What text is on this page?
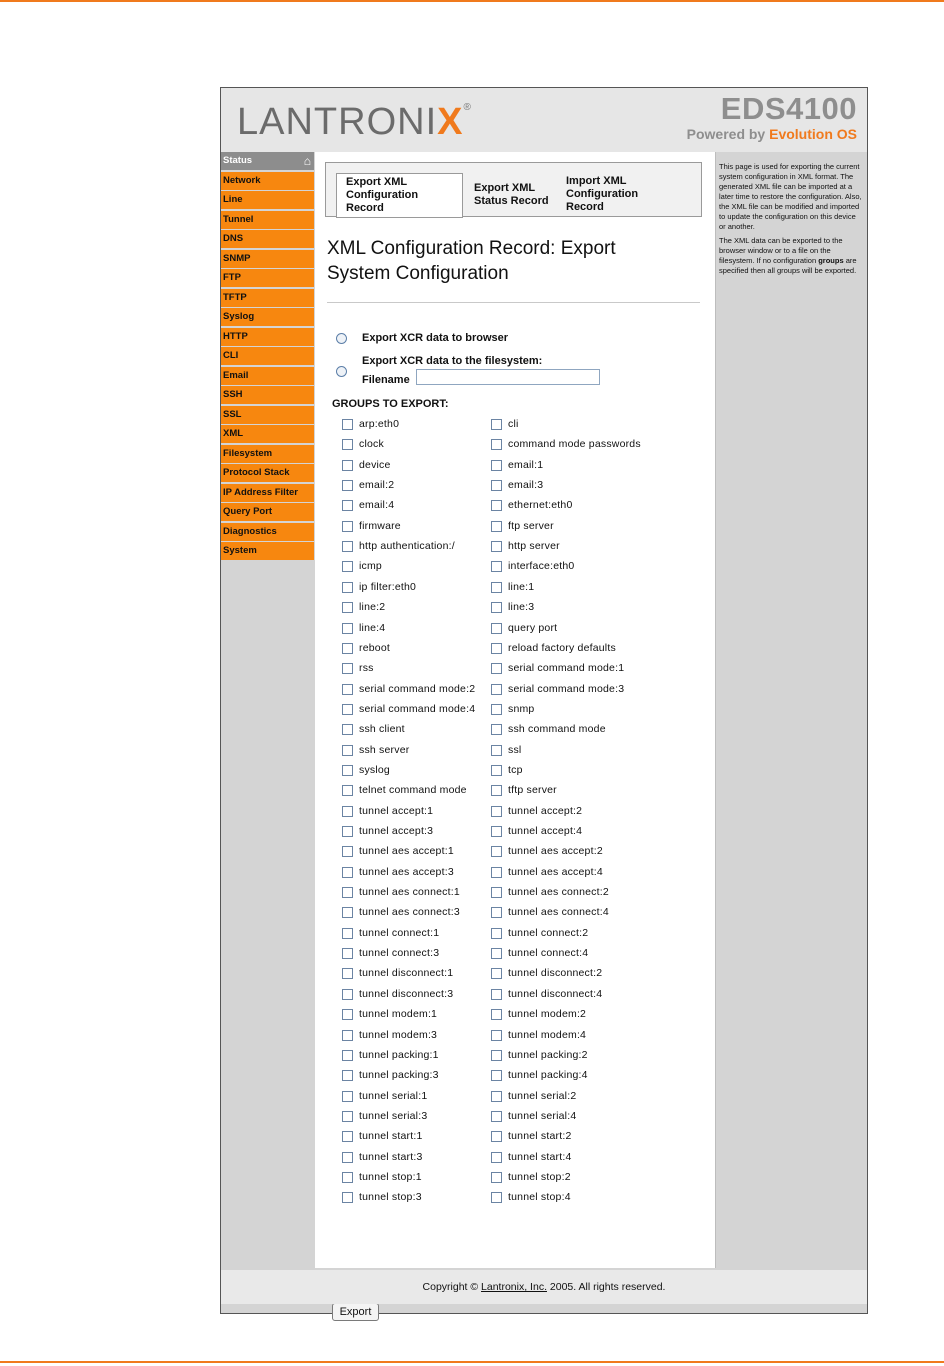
LANTRONIX®	EDS4100
Powered by Evolution OS
Status	⌂
Network
Line
Tunnel
DNS
SNMP
FTP
TFTP
Syslog
HTTP
CLI
Email
SSH
SSL
XML
Filesystem
Protocol Stack
IP Address Filter
Query Port
Diagnostics
System
Export XML
Configuration
Record
Export XML
Status Record
Import XML
Configuration
Record
XML Configuration Record: Export
System Configuration
Export XCR data to browser
Export XCR data to the filesystem:
Filename
GROUPS TO EXPORT:
arp:eth0	cli
clock	command mode passwords
device	email:1
email:2	email:3
email:4	ethernet:eth0
firmware	ftp server
http authentication:/	http server
icmp	interface:eth0
ip filter:eth0	line:1
line:2	line:3
line:4	query port
reboot	reload factory defaults
rss	serial command mode:1
serial command mode:2	serial command mode:3
serial command mode:4	snmp
ssh client	ssh command mode
ssh server	ssl
syslog	tcp
telnet command mode	tftp server
tunnel accept:1	tunnel accept:2
tunnel accept:3	tunnel accept:4
tunnel aes accept:1	tunnel aes accept:2
tunnel aes accept:3	tunnel aes accept:4
tunnel aes connect:1	tunnel aes connect:2
tunnel aes connect:3	tunnel aes connect:4
tunnel connect:1	tunnel connect:2
tunnel connect:3	tunnel connect:4
tunnel disconnect:1	tunnel disconnect:2
tunnel disconnect:3	tunnel disconnect:4
tunnel modem:1	tunnel modem:2
tunnel modem:3	tunnel modem:4
tunnel packing:1	tunnel packing:2
tunnel packing:3	tunnel packing:4
tunnel serial:1	tunnel serial:2
tunnel serial:3	tunnel serial:4
tunnel start:1	tunnel start:2
tunnel start:3	tunnel start:4
tunnel stop:1	tunnel stop:2
tunnel stop:3	tunnel stop:4
Export

This page is used for exporting the current system configuration in XML format. The generated XML file can be imported at a later time to restore the configuration. Also, the XML file can be modified and imported to update the configuration on this device or another.

The XML data can be exported to the browser window or to a file on the filesystem. If no configuration groups are specified then all groups will be exported.

Copyright © Lantronix, Inc. 2005. All rights reserved.
